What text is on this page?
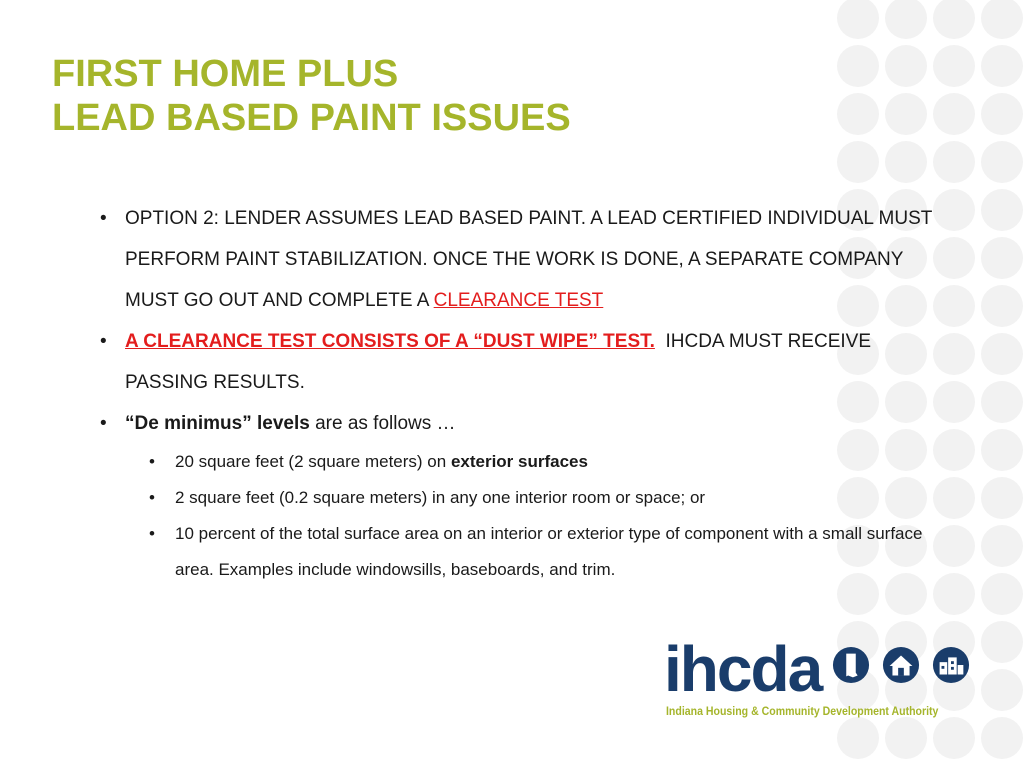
FIRST HOME PLUS
LEAD BASED PAINT ISSUES
• OPTION 2: LENDER ASSUMES LEAD BASED PAINT. A LEAD CERTIFIED INDIVIDUAL MUST PERFORM PAINT STABILIZATION. ONCE THE WORK IS DONE, A SEPARATE COMPANY MUST GO OUT AND COMPLETE A CLEARANCE TEST
• A CLEARANCE TEST CONSISTS OF A “DUST WIPE” TEST.  IHCDA MUST RECEIVE PASSING RESULTS.
• “De minimus” levels are as follows …
• 20 square feet (2 square meters) on exterior surfaces
• 2 square feet (0.2 square meters) in any one interior room or space; or
• 10 percent of the total surface area on an interior or exterior type of component with a small surface area. Examples include windowsills, baseboards, and trim.
ihcda
Indiana Housing & Community Development Authority
